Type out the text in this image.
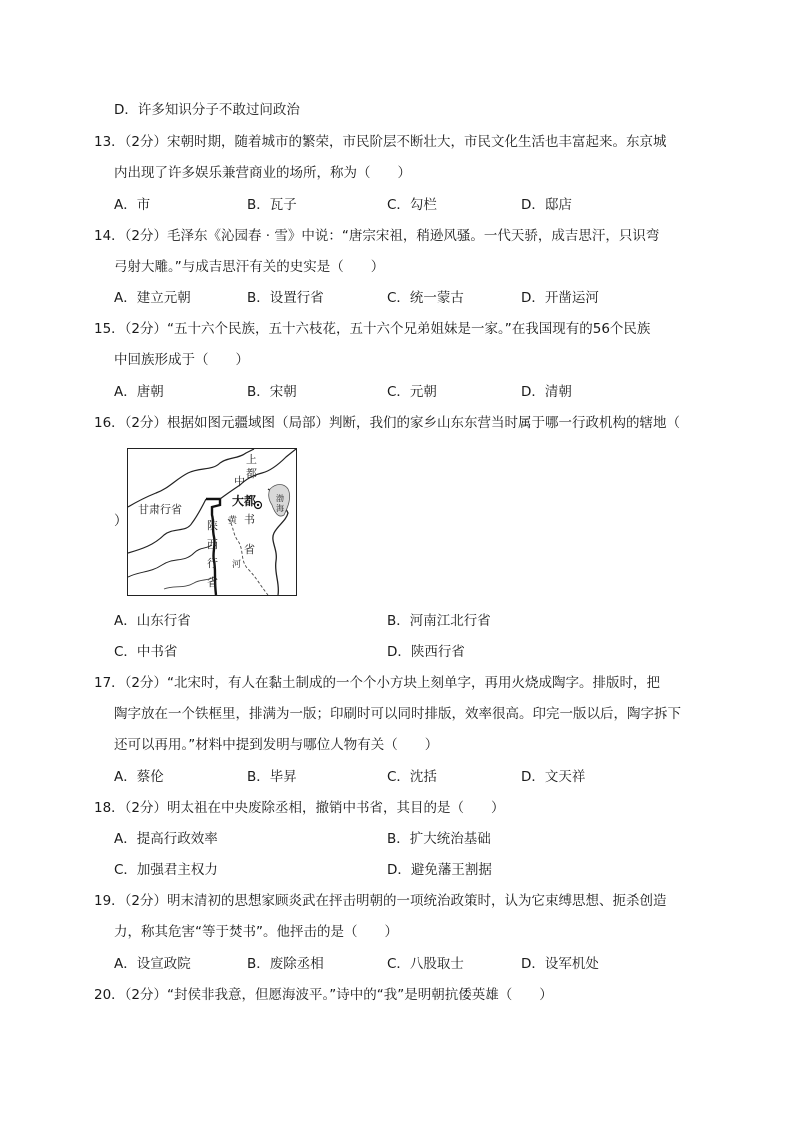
D．许多知识分子不敢过问政治
13．（2分）宋朝时期，随着城市的繁荣，市民阶层不断壮大，市民文化生活也丰富起来。东京城
内出现了许多娱乐兼营商业的场所，称为（　　）
A．市	B．瓦子	C．勾栏	D．邸店
14．（2分）毛泽东《沁园春 · 雪》中说：“唐宗宋祖，稍逊风骚。一代天骄，成吉思汗，只识弯
弓射大雕。”与成吉思汗有关的史实是（　　）
A．建立元朝	B．设置行省	C．统一蒙古	D．开凿运河
15．（2分）“五十六个民族，五十六枝花，五十六个兄弟姐妹是一家。”在我国现有的56个民族
中回族形成于（　　）
A．唐朝	B．宋朝	C．元朝	D．清朝
16．（2分）根据如图元疆域图（局部）判断，我们的家乡山东东营当时属于哪一行政机构的辖地（
）
甘肃行省
陕
西
行
省
上
都
中
大都
书
省
黄
河
渤
海
A．山东行省	B．河南江北行省
C．中书省	D．陕西行省
17．（2分）“北宋时，有人在黏土制成的一个个小方块上刻单字，再用火烧成陶字。排版时，把
陶字放在一个铁框里，排满为一版；印刷时可以同时排版，效率很高。印完一版以后，陶字拆下
还可以再用。”材料中提到发明与哪位人物有关（　　）
A．蔡伦	B．毕昇	C．沈括	D．文天祥
18．（2分）明太祖在中央废除丞相，撤销中书省，其目的是（　　）
A．提高行政效率	B．扩大统治基础
C．加强君主权力	D．避免藩王割据
19．（2分）明末清初的思想家顾炎武在抨击明朝的一项统治政策时，认为它束缚思想、扼杀创造
力，称其危害“等于焚书”。他抨击的是（　　）
A．设宣政院	B．废除丞相	C．八股取士	D．设军机处
20．（2分）“封侯非我意，但愿海波平。”诗中的“我”是明朝抗倭英雄（　　）
